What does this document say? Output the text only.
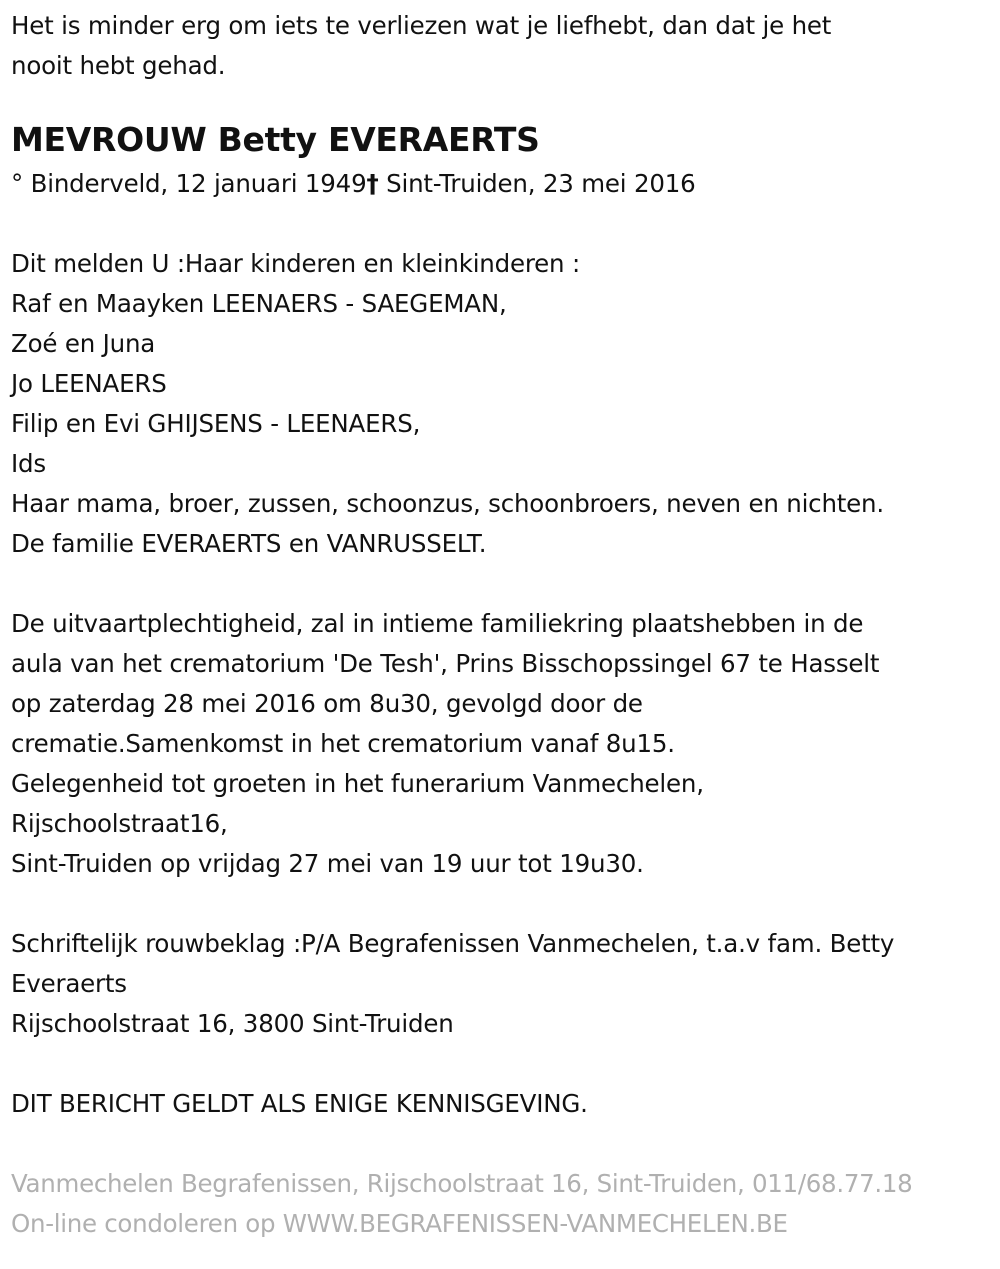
Het is minder erg om iets te verliezen wat je liefhebt, dan dat je het
nooit hebt gehad.
MEVROUW Betty EVERAERTS
° Binderveld, 12 januari 1949† Sint-Truiden, 23 mei 2016
Dit melden U :Haar kinderen en kleinkinderen :
Raf en Maayken LEENAERS - SAEGEMAN,
Zoé en Juna
Jo LEENAERS
Filip en Evi GHIJSENS - LEENAERS,
Ids
Haar mama, broer, zussen, schoonzus, schoonbroers, neven en nichten.
De familie EVERAERTS en VANRUSSELT.
De uitvaartplechtigheid, zal in intieme familiekring plaatshebben in de
aula van het crematorium 'De Tesh', Prins Bisschopssingel 67 te Hasselt
op zaterdag 28 mei 2016 om 8u30, gevolgd door de
crematie.Samenkomst in het crematorium vanaf 8u15.
Gelegenheid tot groeten in het funerarium Vanmechelen,
Rijschoolstraat16,
Sint-Truiden op vrijdag 27 mei van 19 uur tot 19u30.
Schriftelijk rouwbeklag :P/A Begrafenissen Vanmechelen, t.a.v fam. Betty
Everaerts
Rijschoolstraat 16, 3800 Sint-Truiden
DIT BERICHT GELDT ALS ENIGE KENNISGEVING.
Vanmechelen Begrafenissen, Rijschoolstraat 16, Sint-Truiden, 011/68.77.18
On-line condoleren op WWW.BEGRAFENISSEN-VANMECHELEN.BE
